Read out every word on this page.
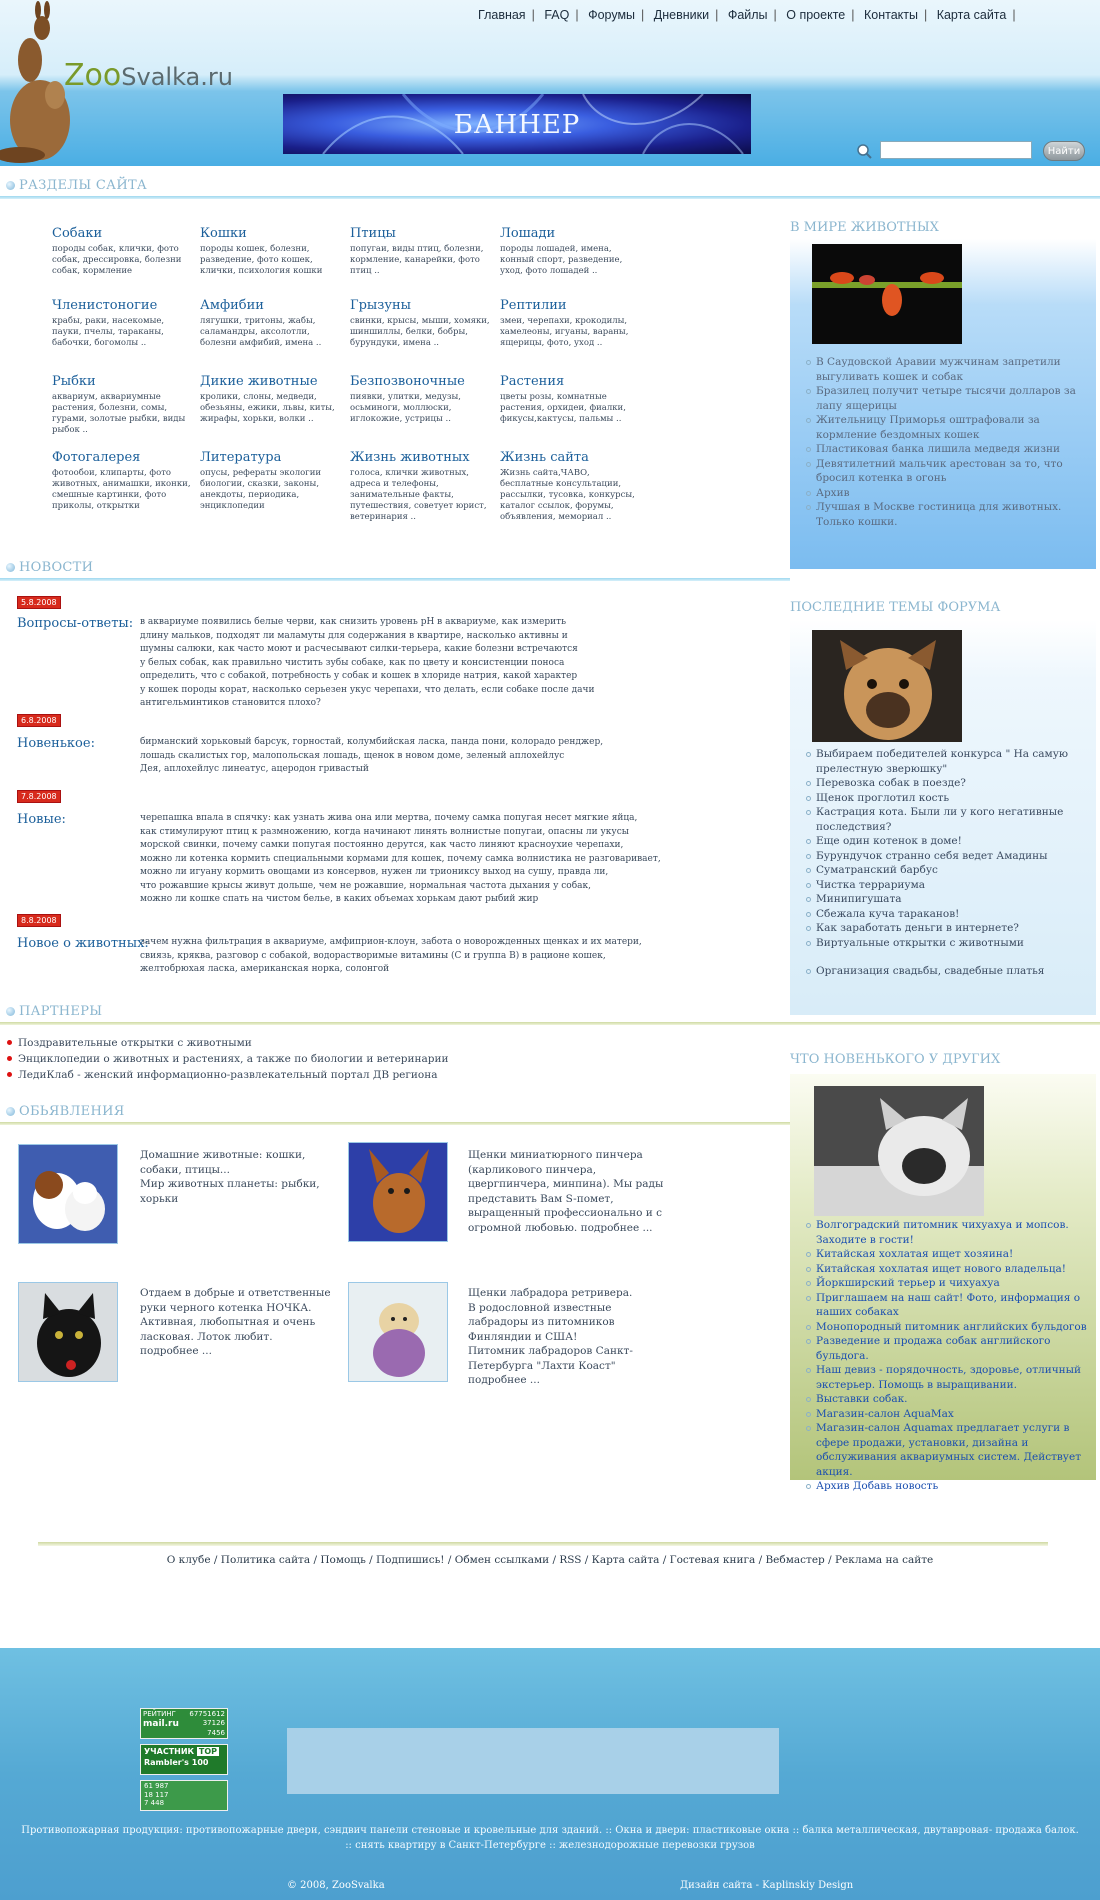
ZooSvalka.ru
Главная | FAQ | Форумы | Дневники | Файлы | О проекте | Контакты | Карта сайта |
БАННЕР
Найти
РАЗДЕЛЫ САЙТА
Собаки
породы собак, клички, фото собак, дрессировка, болезни собак, кормление
Кошки
породы кошек, болезни, разведение, фото кошек, клички, психология кошки
Птицы
попугаи, виды птиц, болезни, кормление, канарейки, фото птиц ..
Лошади
породы лошадей, имена, конный спорт, разведение, уход, фото лошадей ..
Членистоногие
крабы, раки, насекомые, пауки, пчелы, тараканы, бабочки, богомолы ..
Амфибии
лягушки, тритоны, жабы, саламандры, аксолотли, болезни амфибий, имена ..
Грызуны
свинки, крысы, мыши, хомяки, шиншиллы, белки, бобры, бурундуки, имена ..
Рептилии
змеи, черепахи, крокодилы, хамелеоны, игуаны, вараны, ящерицы, фото, уход ..
Рыбки
аквариум, аквариумные растения, болезни, сомы, гурами, золотые рыбки, виды рыбок ..
Дикие животные
кролики, слоны, медведи, обезьяны, ежики, львы, киты, жирафы, хорьки, волки ..
Безпозвоночные
пиявки, улитки, медузы, осьминоги, моллюски, иглокожие, устрицы ..
Растения
цветы розы, комнатные растения, орхидеи, фиалки, фикусы,кактусы, пальмы ..
Фотогалерея
фотообои, клипарты, фото животных, анимашки, иконки, смешные картинки, фото приколы, открытки
Литература
опусы, рефераты экологии биологии, сказки, законы, анекдоты, периодика, энциклопедии
Жизнь животных
голоса, клички животных, адреса и телефоны, занимательные факты, путешествия, советует юрист, ветеринария ..
Жизнь сайта
Жизнь сайта,ЧАВО, бесплатные консультации, рассылки, тусовка, конкурсы, каталог ссылок, форумы, объявления, мемориал ..
НОВОСТИ
5.8.2008
Вопросы-ответы: в аквариуме появились белые черви, как снизить уровень pH в аквариуме, как измерить
длину мальков, подходят ли маламуты для содержания в квартире, насколько активны и
шумны салюки, как часто моют и расчесывают силки-терьера, какие болезни встречаются
у белых собак, как правильно чистить зубы собаке, как по цвету и консистенции поноса
определить, что с собакой, потребность у собак и кошек в хлориде натрия, какой характер
у кошек породы корат, насколько серьезен укус черепахи, что делать, если собаке после дачи
антигельминтиков становится плохо?
6.8.2008
Новенькое:	бирманский хорьковый барсук, горностай, колумбийская ласка, панда пони, колорадо ренджер,
лошадь скалистых гор, малопольская лошадь, щенок в новом доме, зеленый аплохейлус
Дея, аплохейлус линеатус, ацеродон гривастый
7.8.2008
Новые:	черепашка впала в спячку: как узнать жива она или мертва, почему самка попугая несет мягкие яйца,
как стимулируют птиц к размножению, когда начинают линять волнистые попугаи, опасны ли укусы
морской свинки, почему самки попугая постоянно дерутся, как часто линяют красноухие черепахи,
можно ли котенка кормить специальными кормами для кошек, почему самка волнистика не разговаривает,
можно ли игуану кормить овощами из консервов, нужен ли триониксу выход на сушу, правда ли,
что рожавшие крысы живут дольше, чем не рожавшие, нормальная частота дыхания у собак,
можно ли кошке спать на чистом белье, в каких объемах хорькам дают рыбий жир
8.8.2008
Новое о животных:
зачем нужна фильтрация в аквариуме, амфиприон-клоун, забота о новорожденных щенках и их матери,
свиязь, кряква, разговор с собакой, водорастворимые витамины (С и группа В) в рационе кошек,
желтобрюхая ласка, американская норка, солонгой
ПАРТНЕРЫ
Поздравительные открытки с животными
Энциклопедии о животных и растениях, а также по биологии и ветеринарии
ЛедиКлаб - женский информационно-развлекательный портал ДВ региона
ОБЬЯВЛЕНИЯ
Домашние животные: кошки, собаки, птицы...
Мир животных планеты: рыбки, хорьки
Щенки миниатюрного пинчера (карликового пинчера, цвергпинчера, минпина). Мы рады представить Вам S-помет, выращенный профессионально и с огромной любовью. подробнее ...
Отдаем в добрые и ответственные руки черного котенка НОЧКА. Активная, любопытная и очень ласковая. Лоток любит.
подробнее ...
Щенки лабрадора ретривера.
В родословной известные лабрадоры из питомников Финляндии и США!
Питомник лабрадоров Санкт-Петербурга "Лахти Коаст"
подробнее ...
В МИРЕ ЖИВОТНЫХ
В Саудовской Аравии мужчинам запретили выгуливать кошек и собак
Бразилец получит четыре тысячи долларов за лапу ящерицы
Жительницу Приморья оштрафовали за кормление бездомных кошек
Пластиковая банка лишила медведя жизни
Девятилетний мальчик арестован за то, что бросил котенка в огонь
Архив
Лучшая в Москве гостиница для животных. Только кошки.
ПОСЛЕДНИЕ ТЕМЫ ФОРУМА
Выбираем победителей конкурса " На самую прелестную зверюшку"
Перевозка собак в поезде?
Щенок проглотил кость
Кастрация кота. Были ли у кого негативные последствия?
Еще один котенок в доме!
Бурундучок странно себя ведет Амадины
Суматранский барбус
Чистка террариума
Минипигушата
Сбежала куча тараканов!
Как заработать деньги в интернете?
Виртуальные открытки с животными
Организация свадьбы, свадебные платья
ЧТО НОВЕНЬКОГО У ДРУГИХ
Волгоградский питомник чихуахуа и мопсов. Заходите в гости!
Китайская хохлатая ищет хозяина!
Китайская хохлатая ищет нового владельца!
Йоркширский терьер и чихуахуа
Приглашаем на наш сайт! Фото, информация о наших собаках
Монопородный питомник английских бульдогов
Разведение и продажа собак английского бульдога.
Наш девиз - порядочность, здоровье, отличный экстерьер. Помощь в выращивании.
Выставки собак.
Магазин-салон AquaMax
Магазин-салон Aquamax предлагает услуги в сфере продажи, установки, дизайна и обслуживания аквариумных систем. Действует акция.
Архив Добавь новость
О клубе / Политика сайта / Помощь / Подпишись! / Обмен ссылками / RSS / Карта сайта / Гостевая книга / Вебмастер / Реклама на сайте
РЕЙТИНГ 67751612
mail.ru	37126
7456
УЧАСТНИК TOP
Rambler's 100
61 987
18 117
7 448
Противопожарная продукция: противопожарные двери, сэндвич панели стеновые и кровельные для зданий. :: Окна и двери: пластиковые окна :: балка металлическая, двутавровая- продажа балок. :: снять квартиру в Санкт-Петербурге :: железнодорожные перевозки грузов
© 2008, ZooSvalka	Дизайн сайта - Kaplinskiy Design
